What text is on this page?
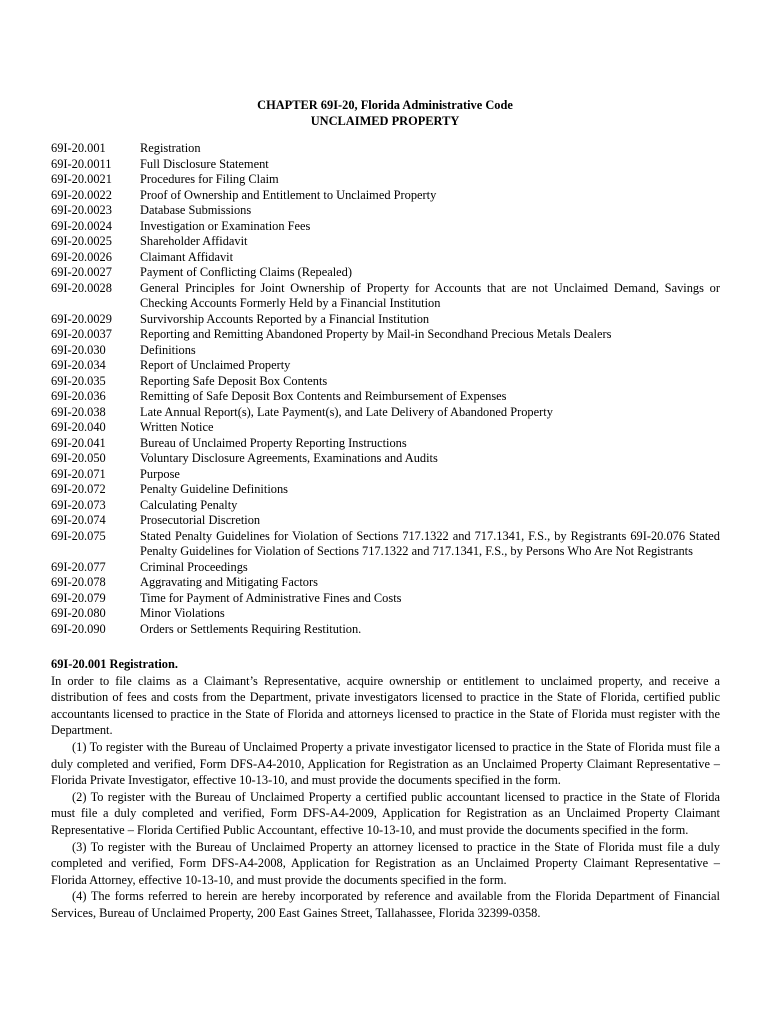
CHAPTER 69I-20, Florida Administrative Code
UNCLAIMED PROPERTY
69I-20.001	Registration
69I-20.0011	Full Disclosure Statement
69I-20.0021	Procedures for Filing Claim
69I-20.0022	Proof of Ownership and Entitlement to Unclaimed Property
69I-20.0023	Database Submissions
69I-20.0024	Investigation or Examination Fees
69I-20.0025	Shareholder Affidavit
69I-20.0026	Claimant Affidavit
69I-20.0027	Payment of Conflicting Claims (Repealed)
69I-20.0028	General Principles for Joint Ownership of Property for Accounts that are not Unclaimed Demand, Savings or Checking Accounts Formerly Held by a Financial Institution
69I-20.0029	Survivorship Accounts Reported by a Financial Institution
69I-20.0037	Reporting and Remitting Abandoned Property by Mail-in Secondhand Precious Metals Dealers
69I-20.030	Definitions
69I-20.034	Report of Unclaimed Property
69I-20.035	Reporting Safe Deposit Box Contents
69I-20.036	Remitting of Safe Deposit Box Contents and Reimbursement of Expenses
69I-20.038	Late Annual Report(s), Late Payment(s), and Late Delivery of Abandoned Property
69I-20.040	Written Notice
69I-20.041	Bureau of Unclaimed Property Reporting Instructions
69I-20.050	Voluntary Disclosure Agreements, Examinations and Audits
69I-20.071	Purpose
69I-20.072	Penalty Guideline Definitions
69I-20.073	Calculating Penalty
69I-20.074	Prosecutorial Discretion
69I-20.075	Stated Penalty Guidelines for Violation of Sections 717.1322 and 717.1341, F.S., by Registrants 69I-20.076 Stated Penalty Guidelines for Violation of Sections 717.1322 and 717.1341, F.S., by Persons Who Are Not Registrants
69I-20.077	Criminal Proceedings
69I-20.078	Aggravating and Mitigating Factors
69I-20.079	Time for Payment of Administrative Fines and Costs
69I-20.080	Minor Violations
69I-20.090	Orders or Settlements Requiring Restitution.

69I-20.001 Registration.

In order to file claims as a Claimant’s Representative, acquire ownership or entitlement to unclaimed property, and receive a distribution of fees and costs from the Department, private investigators licensed to practice in the State of Florida, certified public accountants licensed to practice in the State of Florida and attorneys licensed to practice in the State of Florida must register with the Department.

(1) To register with the Bureau of Unclaimed Property a private investigator licensed to practice in the State of Florida must file a duly completed and verified, Form DFS-A4-2010, Application for Registration as an Unclaimed Property Claimant Representative – Florida Private Investigator, effective 10-13-10, and must provide the documents specified in the form.

(2) To register with the Bureau of Unclaimed Property a certified public accountant licensed to practice in the State of Florida must file a duly completed and verified, Form DFS-A4-2009, Application for Registration as an Unclaimed Property Claimant Representative – Florida Certified Public Accountant, effective 10-13-10, and must provide the documents specified in the form.

(3) To register with the Bureau of Unclaimed Property an attorney licensed to practice in the State of Florida must file a duly completed and verified, Form DFS-A4-2008, Application for Registration as an Unclaimed Property Claimant Representative – Florida Attorney, effective 10-13-10, and must provide the documents specified in the form.

(4) The forms referred to herein are hereby incorporated by reference and available from the Florida Department of Financial Services, Bureau of Unclaimed Property, 200 East Gaines Street, Tallahassee, Florida 32399-0358.
